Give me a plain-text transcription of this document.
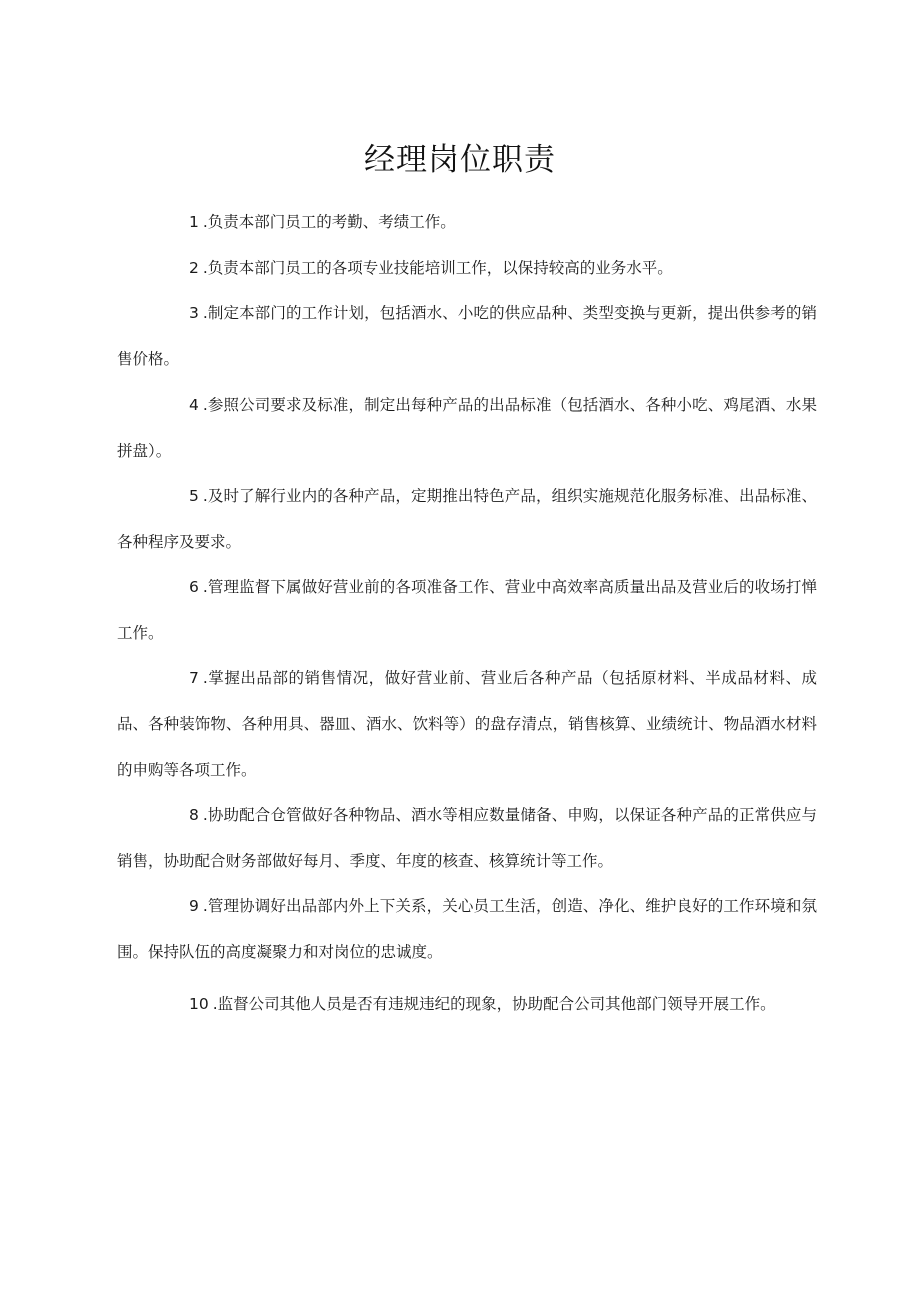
经理岗位职责
1 .负责本部门员工的考勤、考绩工作。
2 .负责本部门员工的各项专业技能培训工作，以保持较高的业务水平。
3 .制定本部门的工作计划，包括酒水、小吃的供应品种、类型变换与更新，提出供参考的销售价格。
4 .参照公司要求及标准，制定出每种产品的出品标准（包括酒水、各种小吃、鸡尾酒、水果拼盘）。
5 .及时了解行业内的各种产品，定期推出特色产品，组织实施规范化服务标准、出品标准、各种程序及要求。
6 .管理监督下属做好营业前的各项准备工作、营业中高效率高质量出品及营业后的收场打惮工作。
7 .掌握出品部的销售情况，做好营业前、营业后各种产品（包括原材料、半成品材料、成品、各种装饰物、各种用具、器皿、酒水、饮料等）的盘存清点，销售核算、业绩统计、物品酒水材料的申购等各项工作。
8 .协助配合仓管做好各种物品、酒水等相应数量储备、申购，以保证各种产品的正常供应与销售，协助配合财务部做好每月、季度、年度的核查、核算统计等工作。
9 .管理协调好出品部内外上下关系，关心员工生活，创造、净化、维护良好的工作环境和氛围。保持队伍的高度凝聚力和对岗位的忠诚度。
10 .监督公司其他人员是否有违规违纪的现象，协助配合公司其他部门领导开展工作。
